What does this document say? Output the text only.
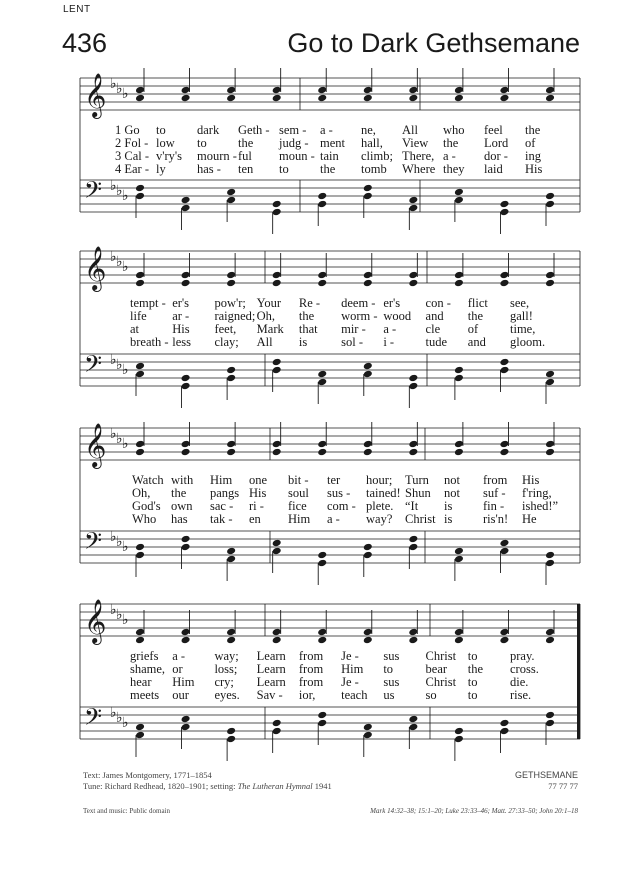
LENT
436	Go to Dark Gethsemane
𝄞 ♭ ♭ ♭
𝄢 ♭ ♭ ♭
𝄞 ♭ ♭ ♭
𝄢 ♭ ♭ ♭
𝄞 ♭ ♭ ♭
𝄢 ♭ ♭ ♭
𝄞 ♭ ♭ ♭
𝄢 ♭ ♭ ♭
1 Go to	dark Geth - sem - a - ne, All who feel the
2 Fol - low to	the judg - ment hall, View the Lord of
3 Cal - v'ry's mourn - ful moun - tain climb; There, a - dor - ing
4 Ear - ly	has - ten to	the tomb Where they laid His
tempt - er's pow'r; Your Re - deem - er's con - flict see,
life ar - raigned; Oh, the worm - wood and the gall!
at	His feet, Mark that mir - a - cle of	time,
breath - less clay; All is	sol - i -	tude and gloom.
Watch with Him one bit - ter hour; Turn not from His
Oh, the pangs His soul sus - tained! Shun not suf - f'ring,
God's own sac - ri - fice com - plete. “It is fin - ished!”
Who has tak - en Him a - way? Christ is ris'n! He
griefs a - way; Learn from Je - sus Christ to	pray.
shame, or	loss; Learn from Him to	bear the cross.
hear Him cry; Learn from Je - sus Christ to	die.
meets our eyes. Sav - ior, teach us so to	rise.
Text: James Montgomery, 1771–1854
Tune: Richard Redhead, 1820–1901; setting: The Lutheran Hymnal 1941
GETHSEMANE
77 77 77
Text and music: Public domain	Mark 14:32–38; 15:1–20; Luke 23:33–46; Matt. 27:33–50; John 20:1–18
